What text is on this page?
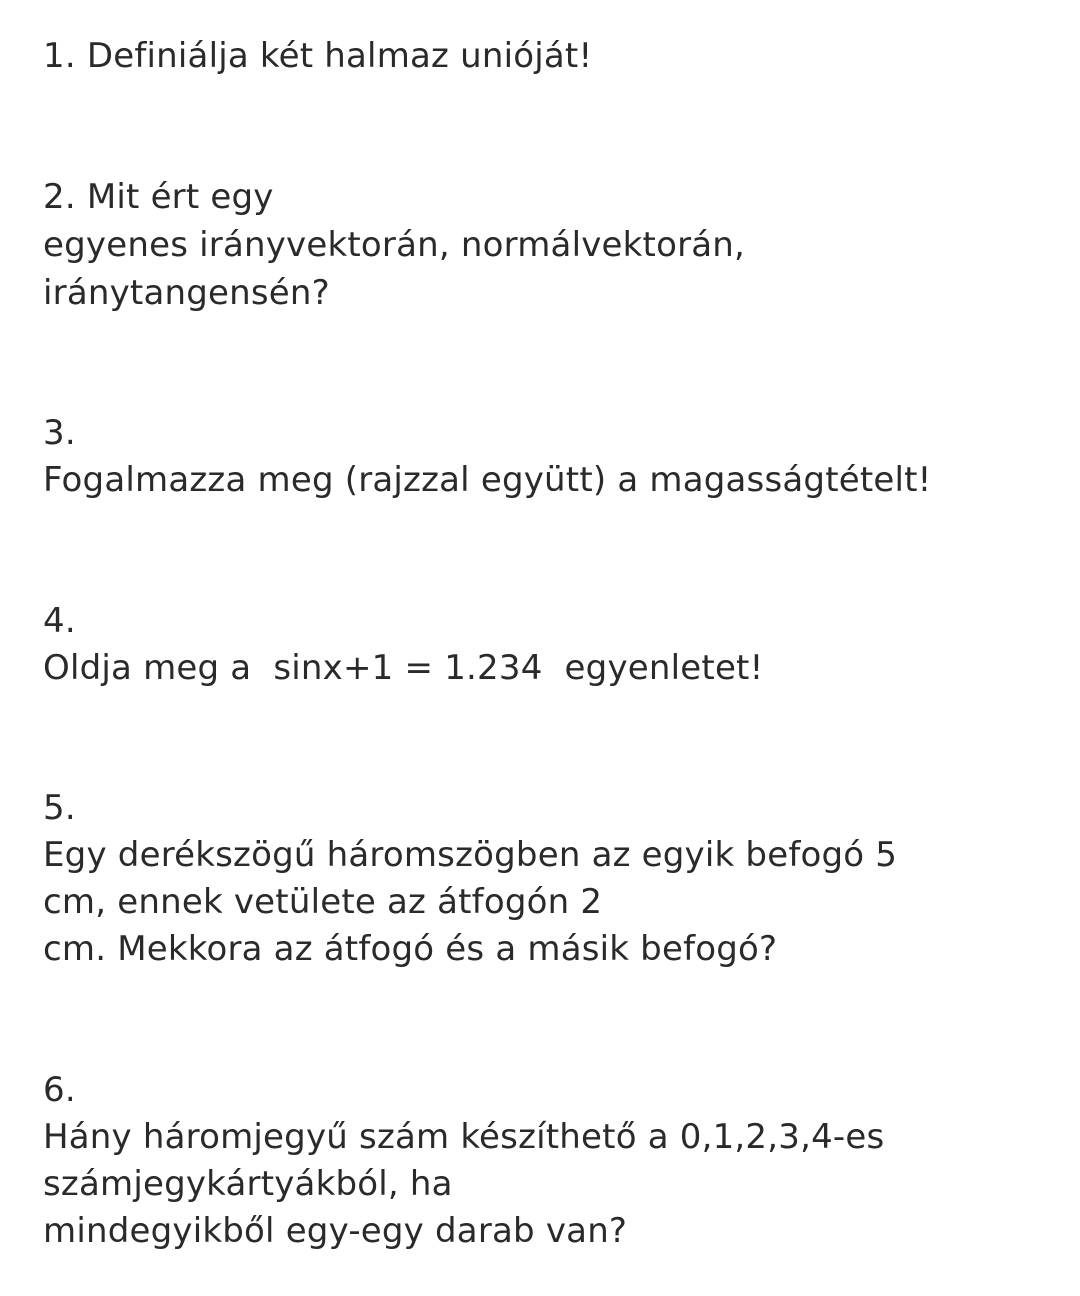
1. Definiálja két halmaz unióját!
2. Mit ért egy
egyenes irányvektorán, normálvektorán,
iránytangensén?
3.
Fogalmazza meg (rajzzal együtt) a magasságtételt!
4.
Oldja meg a  sinx+1 = 1.234  egyenletet!
5.
Egy derékszögű háromszögben az egyik befogó 5
cm, ennek vetülete az átfogón 2
cm. Mekkora az átfogó és a másik befogó?
6.
Hány háromjegyű szám készíthető a 0,1,2,3,4-es
számjegykártyákból, ha
mindegyikből egy-egy darab van?
